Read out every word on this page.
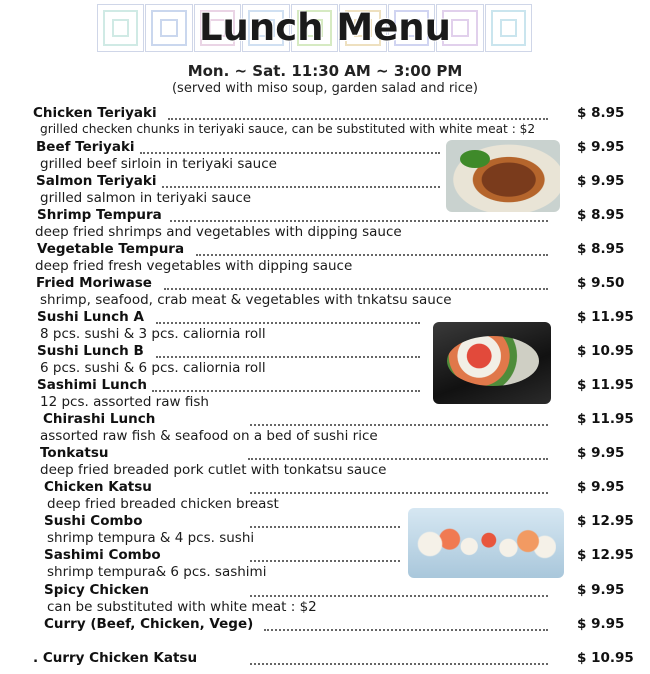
Lunch Menu
Mon. ~ Sat. 11:30 AM ~ 3:00 PM
(served with miso soup, garden salad and rice)
Chicken Teriyaki	$ 8.95
grilled checken chunks in teriyaki sauce, can be substituted with white meat : $2
Beef Teriyaki	$ 9.95
grilled beef sirloin in teriyaki sauce
Salmon Teriyaki	$ 9.95
grilled salmon in teriyaki sauce
Shrimp Tempura	$ 8.95
deep fried shrimps and vegetables with dipping sauce
Vegetable Tempura	$ 8.95
deep fried fresh vegetables with dipping sauce
Fried Moriwase	$ 9.50
shrimp, seafood, crab meat & vegetables with tnkatsu sauce
Sushi Lunch A	$ 11.95
8 pcs. sushi & 3 pcs. caliornia roll
Sushi Lunch B	$ 10.95
6 pcs. sushi & 6 pcs. caliornia roll
Sashimi Lunch	$ 11.95
12 pcs. assorted raw fish
Chirashi Lunch	$ 11.95
assorted raw fish & seafood on a bed of sushi rice
Tonkatsu	$ 9.95
deep fried breaded pork cutlet with tonkatsu sauce
Chicken Katsu	$ 9.95
deep fried breaded chicken breast
Sushi Combo	$ 12.95
shrimp tempura & 4 pcs. sushi
Sashimi Combo	$ 12.95
shrimp tempura& 6 pcs. sashimi
Spicy Chicken	$ 9.95
can be substituted with white meat : $2
Curry (Beef, Chicken, Vege)	$ 9.95
. Curry Chicken Katsu	$ 10.95
